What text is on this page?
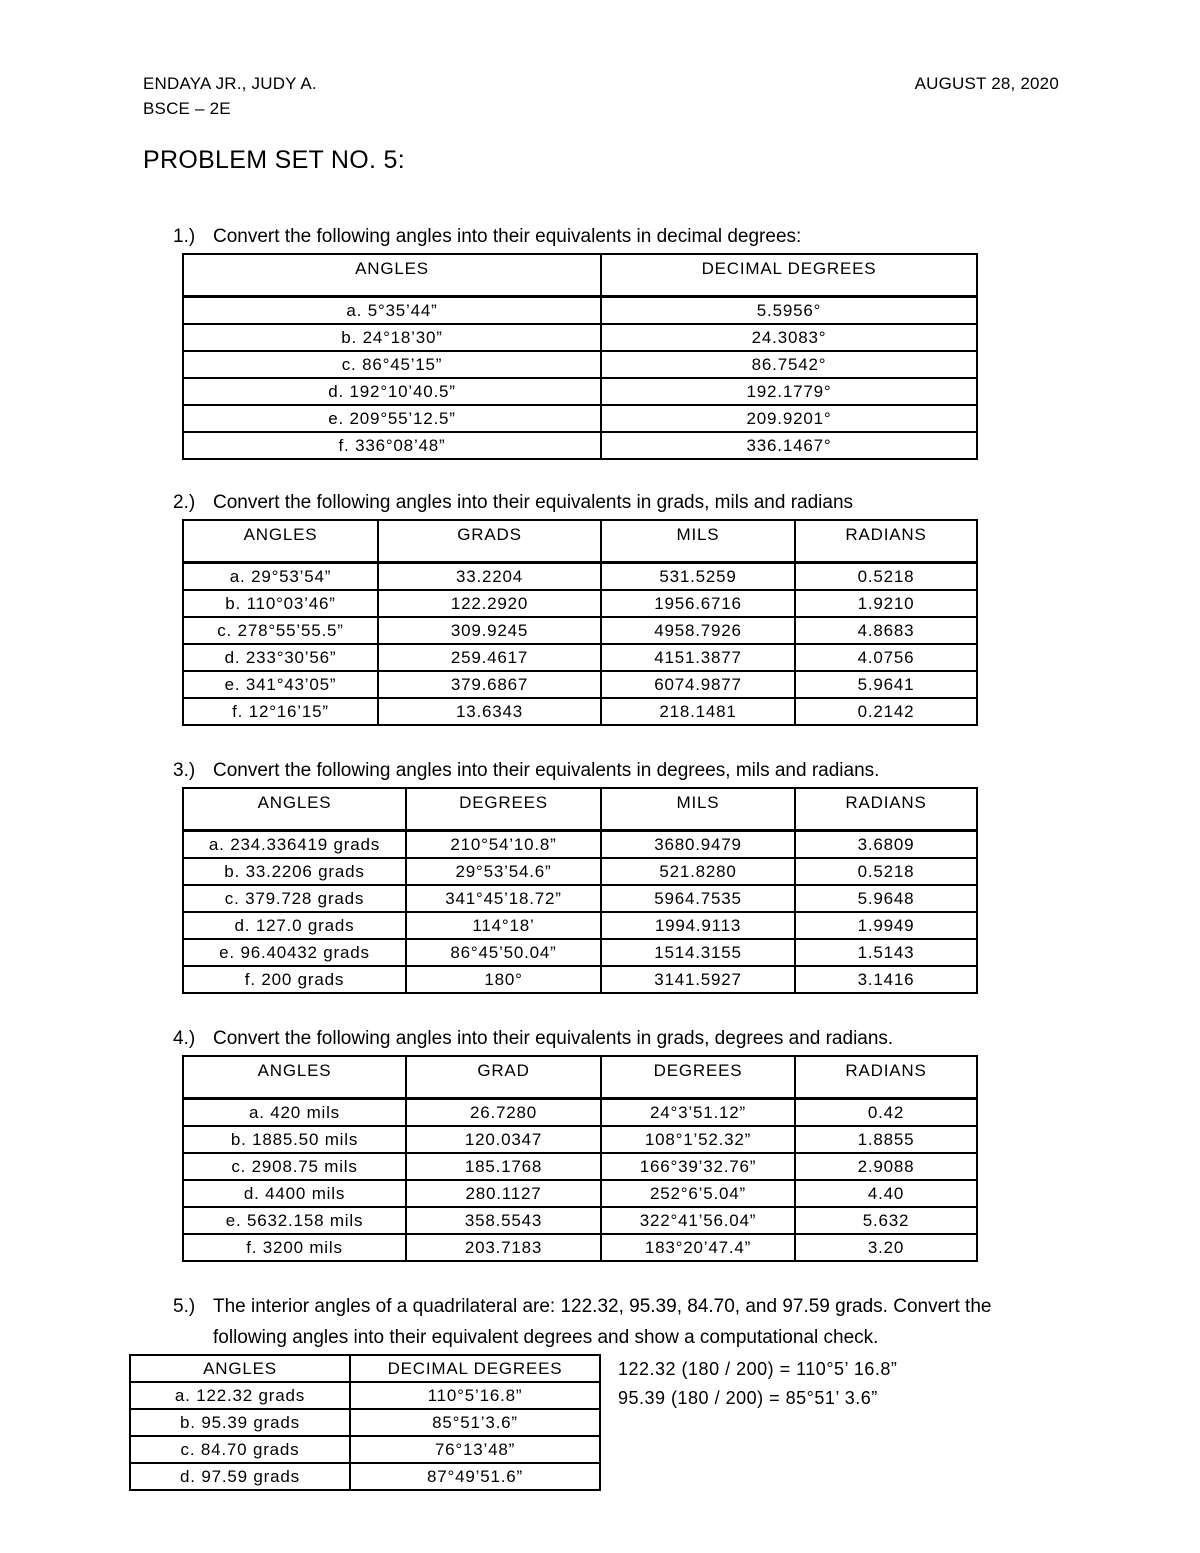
ENDAYA JR., JUDY A.
BSCE – 2E
AUGUST 28, 2020
PROBLEM SET NO. 5:
1.) Convert the following angles into their equivalents in decimal degrees:
ANGLES	DECIMAL DEGREES
a. 5°35’44”	5.5956°
b. 24°18’30”	24.3083°
c. 86°45’15”	86.7542°
d. 192°10’40.5”	192.1779°
e. 209°55’12.5”	209.9201°
f. 336°08’48”	336.1467°
2.) Convert the following angles into their equivalents in grads, mils and radians
ANGLES	GRADS	MILS	RADIANS
a. 29°53’54”	33.2204	531.5259	0.5218
b. 110°03’46”	122.2920	1956.6716	1.9210
c. 278°55’55.5”	309.9245	4958.7926	4.8683
d. 233°30’56”	259.4617	4151.3877	4.0756
e. 341°43’05”	379.6867	6074.9877	5.9641
f. 12°16’15”	13.6343	218.1481	0.2142
3.) Convert the following angles into their equivalents in degrees, mils and radians.
ANGLES	DEGREES	MILS	RADIANS
a. 234.336419 grads	210°54’10.8”	3680.9479	3.6809
b. 33.2206 grads	29°53’54.6”	521.8280	0.5218
c. 379.728 grads	341°45’18.72”	5964.7535	5.9648
d. 127.0 grads	114°18’	1994.9113	1.9949
e. 96.40432 grads	86°45’50.04”	1514.3155	1.5143
f. 200 grads	180°	3141.5927	3.1416
4.) Convert the following angles into their equivalents in grads, degrees and radians.
ANGLES	GRAD	DEGREES	RADIANS
a. 420 mils	26.7280	24°3’51.12”	0.42
b. 1885.50 mils	120.0347	108°1’52.32”	1.8855
c. 2908.75 mils	185.1768	166°39’32.76”	2.9088
d. 4400 mils	280.1127	252°6’5.04”	4.40
e. 5632.158 mils	358.5543	322°41’56.04”	5.632
f. 3200 mils	203.7183	183°20’47.4”	3.20
5.) The interior angles of a quadrilateral are: 122.32, 95.39, 84.70, and 97.59 grads. Convert the
following angles into their equivalent degrees and show a computational check.
ANGLES	DECIMAL DEGREES
a. 122.32 grads	110°5’16.8”
b. 95.39 grads	85°51’3.6”
c. 84.70 grads	76°13’48”
d. 97.59 grads	87°49’51.6”
122.32 (180 / 200) = 110°5’ 16.8”
95.39 (180 / 200) = 85°51’ 3.6”
